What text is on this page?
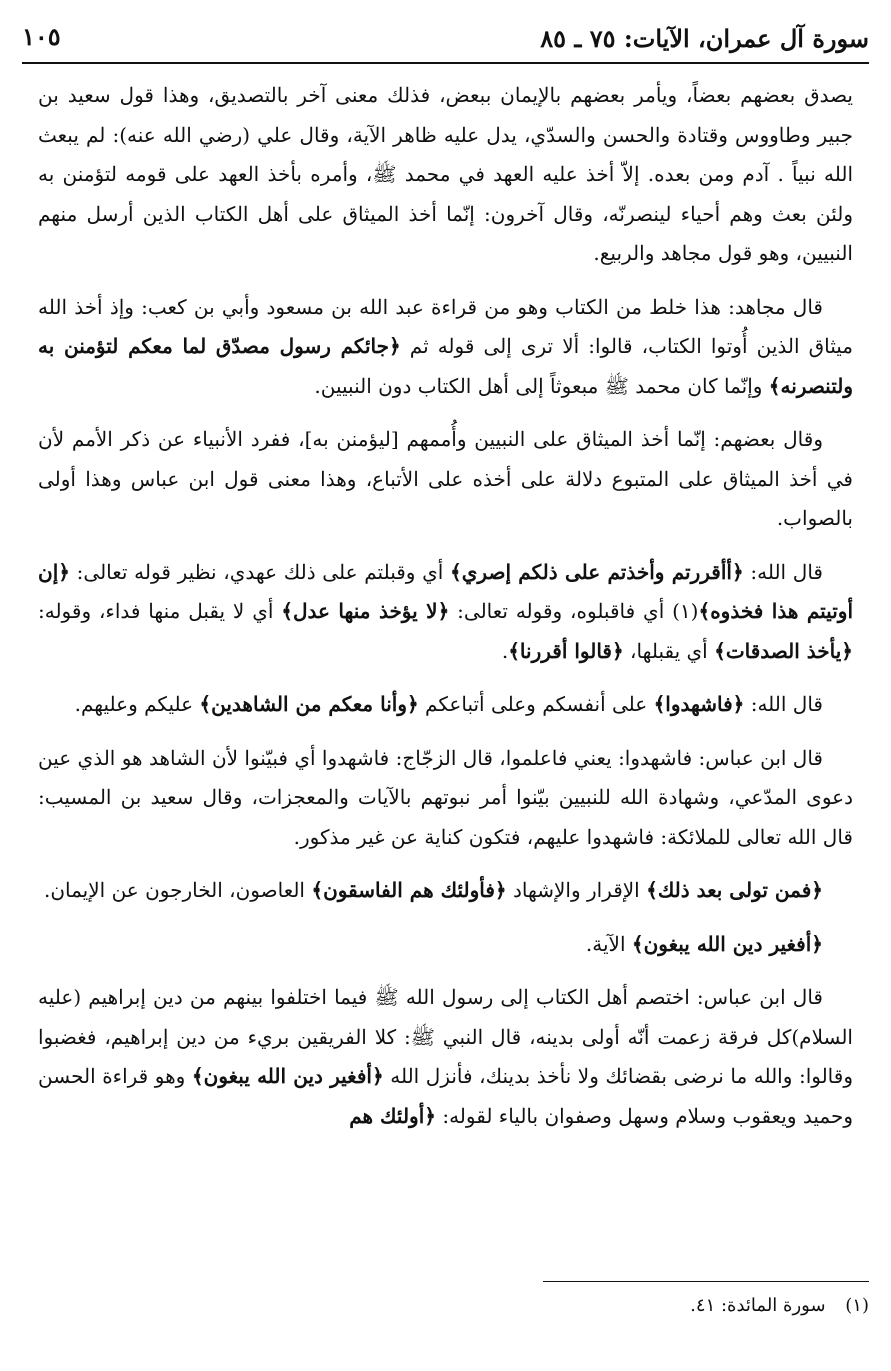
سورة آل عمران، الآيات: ٧٥ ـ ٨٥
١٠٥

يصدق بعضهم بعضاً، ويأمر بعضهم بالإيمان ببعض، فذلك معنى آخر بالتصديق، وهذا قول سعيد بن جبير وطاووس وقتادة والحسن والسدّي، يدل عليه ظاهر الآية، وقال علي (رضي الله عنه): لم يبعث الله نبياً . آدم ومن بعده. إلاّ أخذ عليه العهد في محمد ﷺ، وأمره بأخذ العهد على قومه لتؤمنن به ولئن بعث وهم أحياء لينصرنّه، وقال آخرون: إنّما أخذ الميثاق على أهل الكتاب الذين أرسل منهم النبيين، وهو قول مجاهد والربيع.

قال مجاهد: هذا خلط من الكتاب وهو من قراءة عبد الله بن مسعود وأبي بن كعب: وإذ أخذ الله ميثاق الذين أُوتوا الكتاب، قالوا: ألا ترى إلى قوله ثم ﴿جائكم رسول مصدّق لما معكم لتؤمنن به ولتنصرنه﴾ وإنّما كان محمد ﷺ مبعوثاً إلى أهل الكتاب دون النبيين.

وقال بعضهم: إنّما أخذ الميثاق على النبيين وأُممهم [ليؤمنن به]، ففرد الأنبياء عن ذكر الأمم لأن في أخذ الميثاق على المتبوع دلالة على أخذه على الأتباع، وهذا معنى قول ابن عباس وهذا أولى بالصواب.

قال الله: ﴿أأقررتم وأخذتم على ذلكم إصري﴾ أي وقبلتم على ذلك عهدي، نظير قوله تعالى: ﴿إن أوتيتم هذا فخذوه﴾(١) أي فاقبلوه، وقوله تعالى: ﴿لا يؤخذ منها عدل﴾ أي لا يقبل منها فداء، وقوله: ﴿يأخذ الصدقات﴾ أي يقبلها، ﴿قالوا أقررنا﴾.

قال الله: ﴿فاشهدوا﴾ على أنفسكم وعلى أتباعكم ﴿وأنا معكم من الشاهدين﴾ عليكم وعليهم.

قال ابن عباس: فاشهدوا: يعني فاعلموا، قال الزجّاج: فاشهدوا أي فبيّنوا لأن الشاهد هو الذي عين دعوى المدّعي، وشهادة الله للنبيين بيّنوا أمر نبوتهم بالآيات والمعجزات، وقال سعيد بن المسيب: قال الله تعالى للملائكة: فاشهدوا عليهم، فتكون كناية عن غير مذكور.

﴿فمن تولى بعد ذلك﴾ الإقرار والإشهاد ﴿فأولئك هم الفاسقون﴾ العاصون، الخارجون عن الإيمان.

﴿أفغير دين الله يبغون﴾ الآية.

قال ابن عباس: اختصم أهل الكتاب إلى رسول الله ﷺ فيما اختلفوا بينهم من دين إبراهيم (عليه السلام)كل فرقة زعمت أنّه أولى بدينه، قال النبي ﷺ: كلا الفريقين بريء من دين إبراهيم، فغضبوا وقالوا: والله ما نرضى بقضائك ولا نأخذ بدينك، فأنزل الله ﴿أفغير دين الله يبغون﴾ وهو قراءة الحسن وحميد ويعقوب وسلام وسهل وصفوان بالياء لقوله: ﴿أولئك هم

(١) سورة المائدة: ٤١.
